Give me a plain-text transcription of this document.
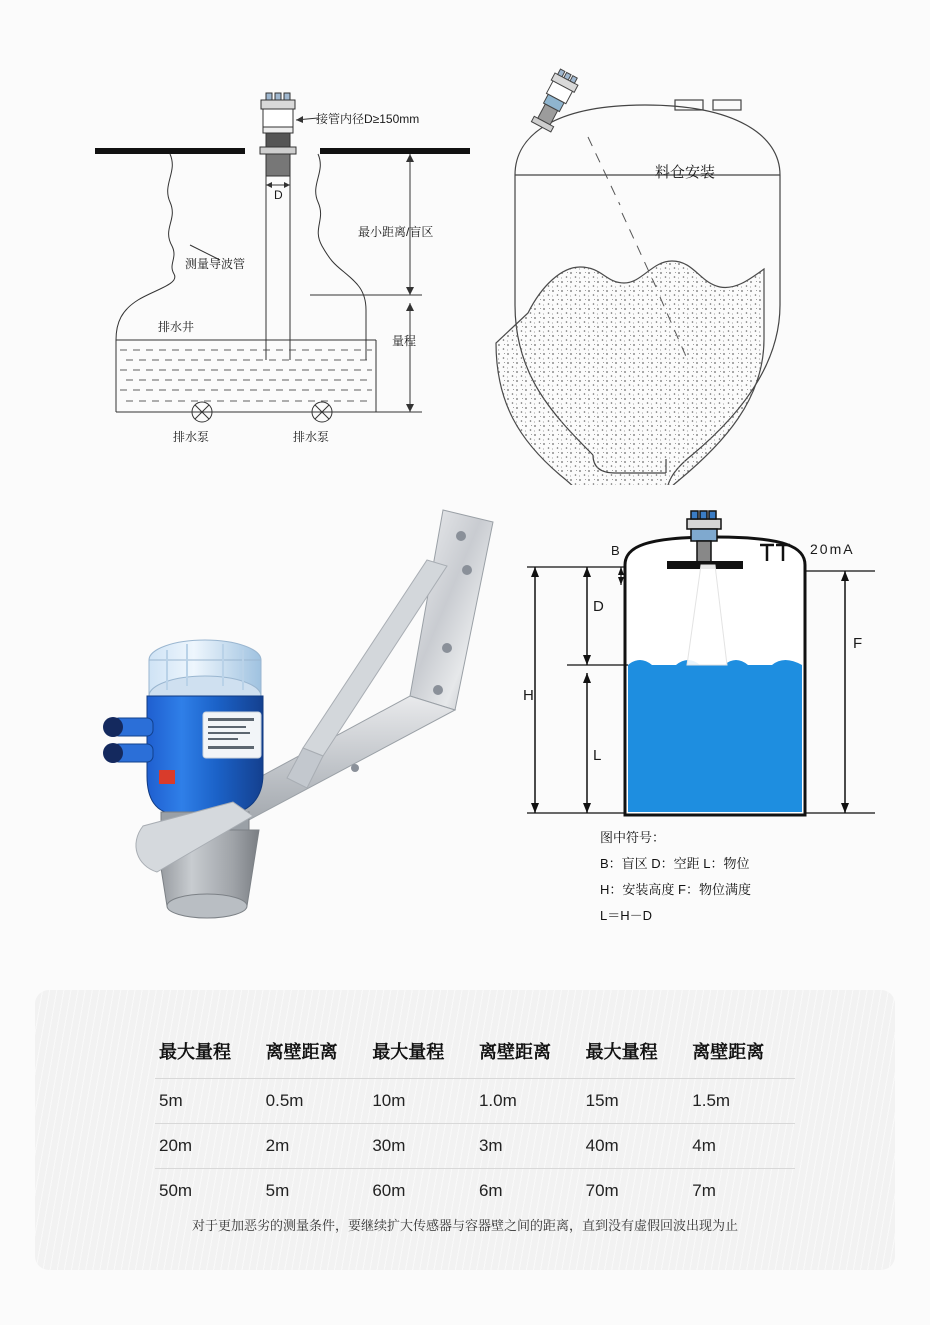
接管内径D≥150mm
D
最小距离/盲区
量程
测量导波管
排水井
排水泵	排水泵
料仓安装
20mA
B
D
H
L
F
图中符号：
B：盲区 D：空距 L：物位
H：安装高度 F：物位满度
L＝H－D
最大量程	离壁距离	最大量程	离壁距离	最大量程	离壁距离
5m	0.5m	10m	1.0m	15m	1.5m
20m	2m	30m	3m	40m	4m
50m	5m	60m	6m	70m	7m
对于更加恶劣的测量条件，要继续扩大传感器与容器壁之间的距离，直到没有虚假回波出现为止
